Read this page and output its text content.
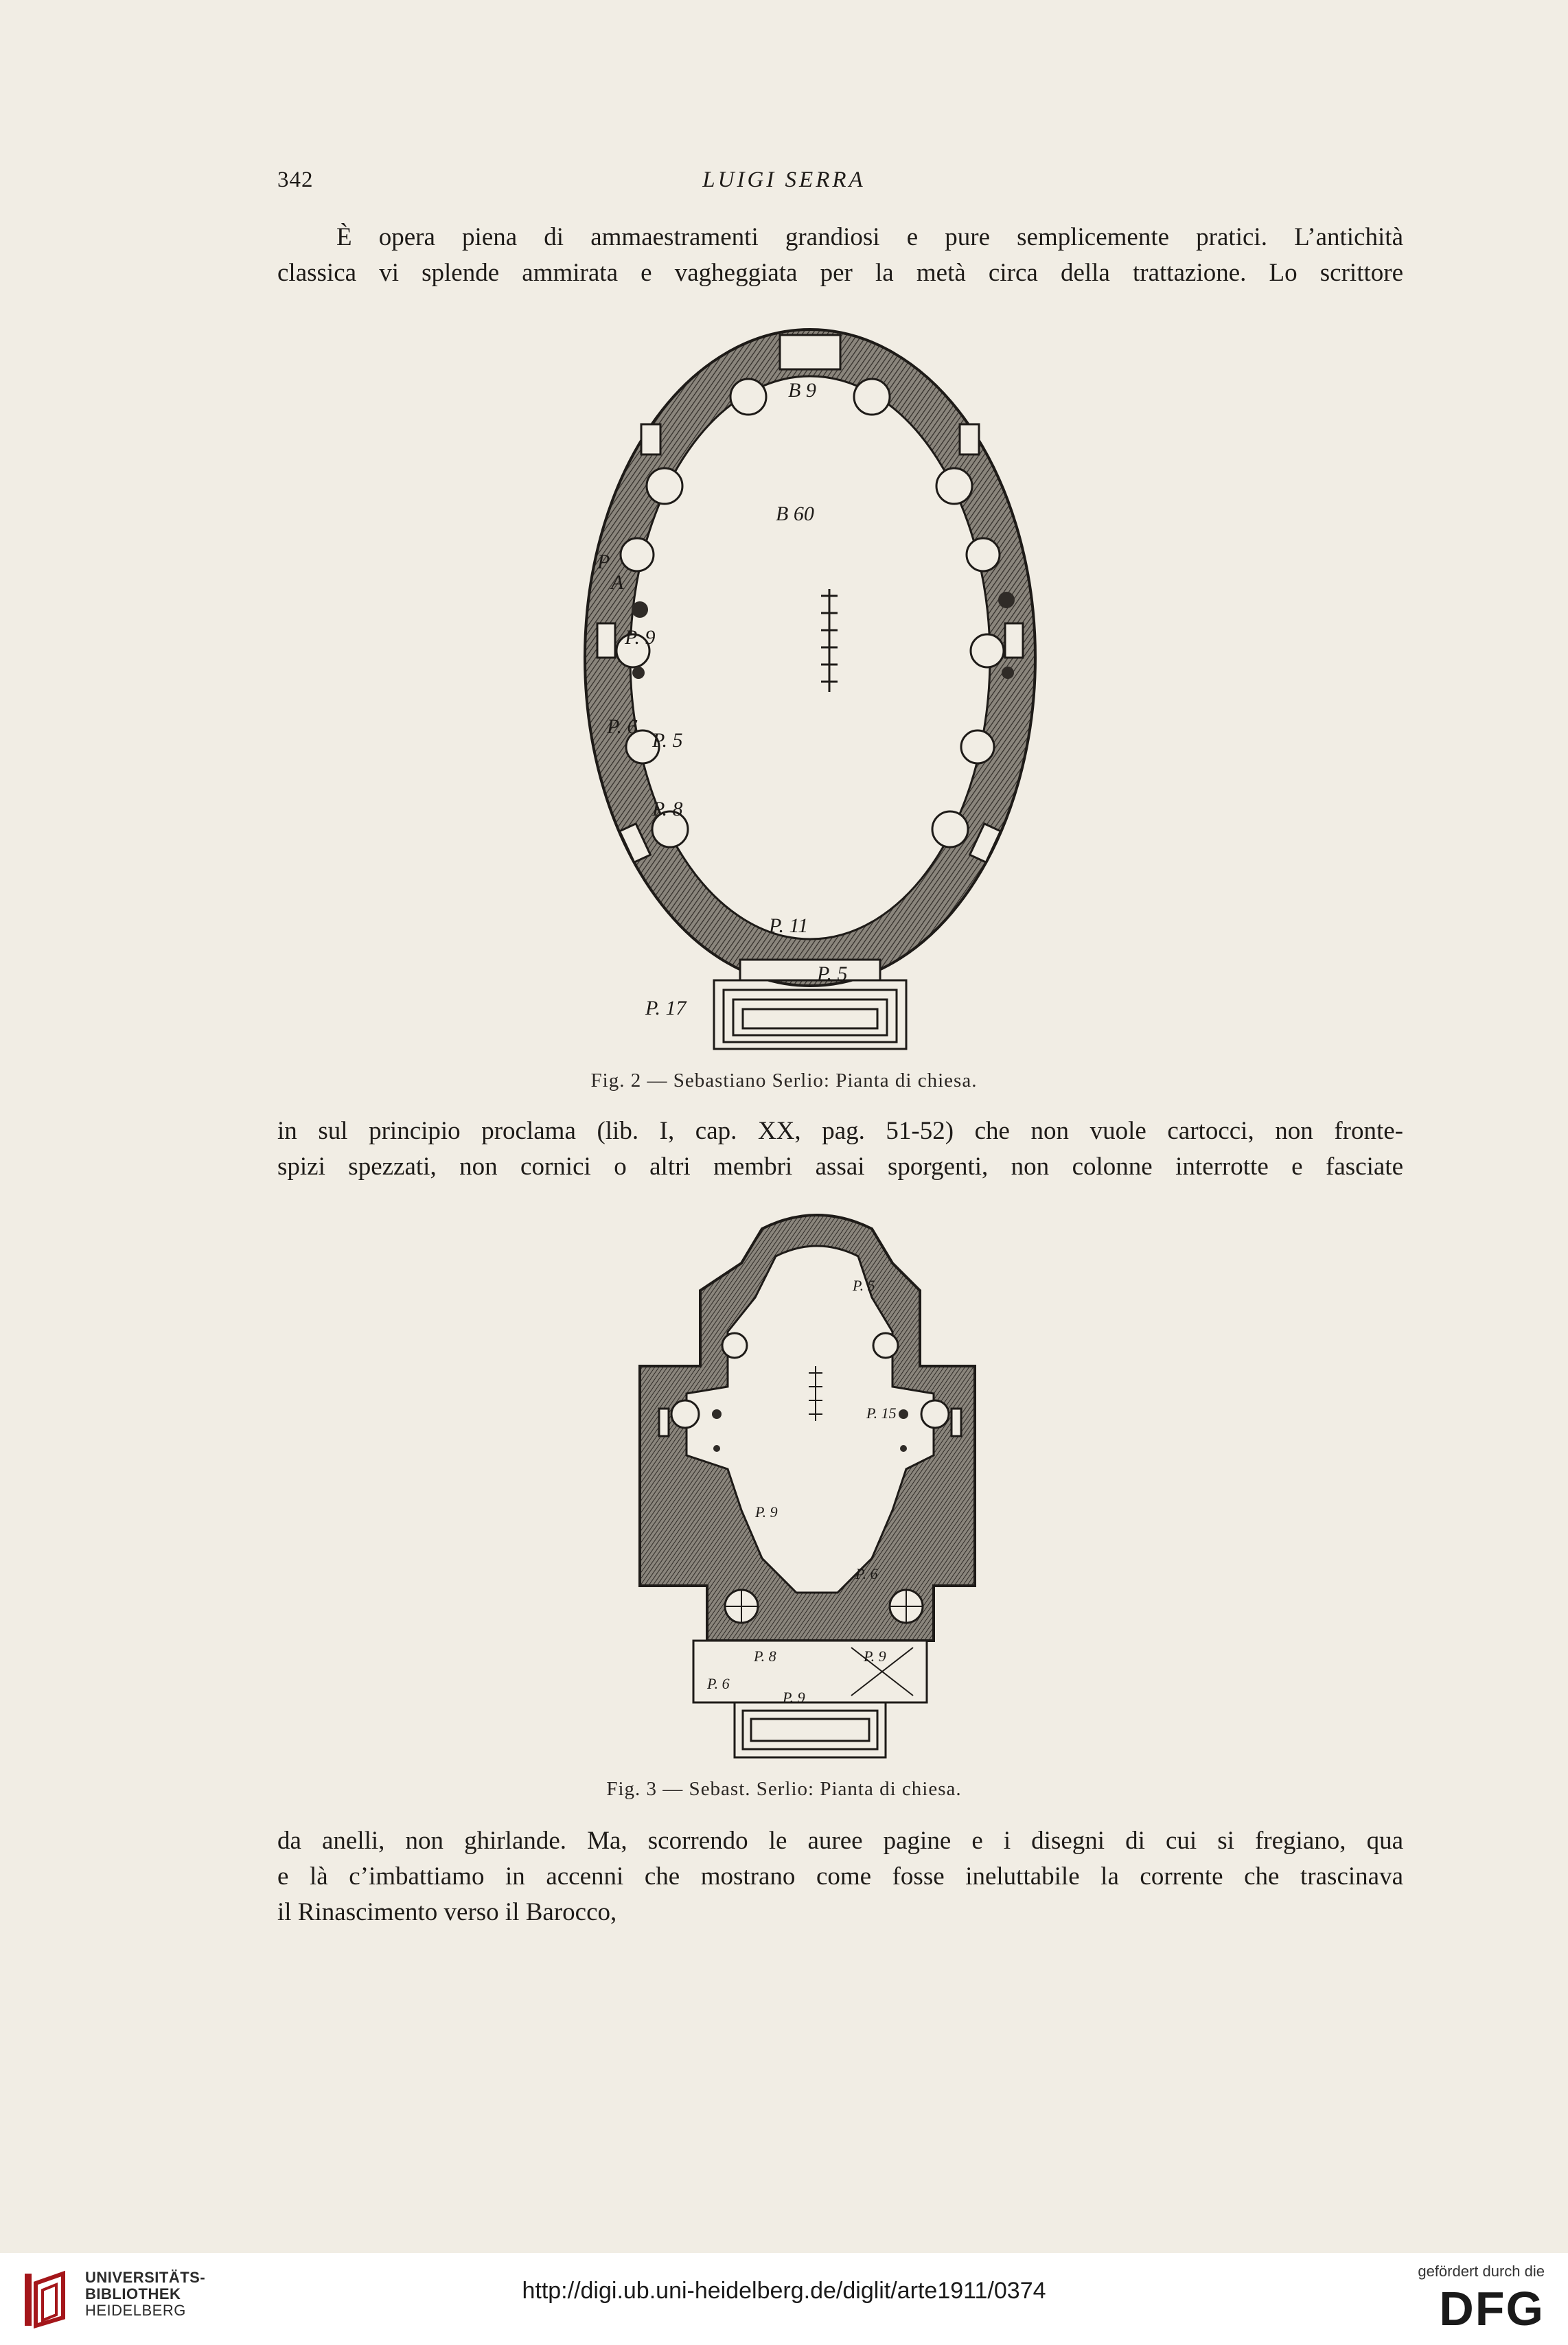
342	LUIGI SERRA
È opera piena di ammaestramenti grandiosi e pure semplicemente pratici. L’antichità
classica vi splende ammirata e vagheggiata per la metà circa della trattazione. Lo scrittore
B 9
B 60
P
A
P. 9
P. 6
P. 5
P. 8
P. 11
P. 5
P. 17
Fig. 2 — Sebastiano Serlio: Pianta di chiesa.
in sul principio proclama (lib. I, cap. XX, pag. 51-52) che non vuole cartocci, non fronte-
spizi spezzati, non cornici o altri membri assai sporgenti, non colonne interrotte e fasciate
P. 5
P. 15
P. 9
P. 6
P. 8	P. 9
P. 6
P. 9
Fig. 3 — Sebast. Serlio: Pianta di chiesa.
da anelli, non ghirlande. Ma, scorrendo le auree pagine e i disegni di cui si fregiano, qua
e là c’imbattiamo in accenni che mostrano come fosse ineluttabile la corrente che trascinava
il Rinascimento verso il Barocco,
UNIVERSITÄTS-
BIBLIOTHEK
HEIDELBERG
http://digi.ub.uni-heidelberg.de/diglit/arte1911/0374
gefördert durch die
DFG
